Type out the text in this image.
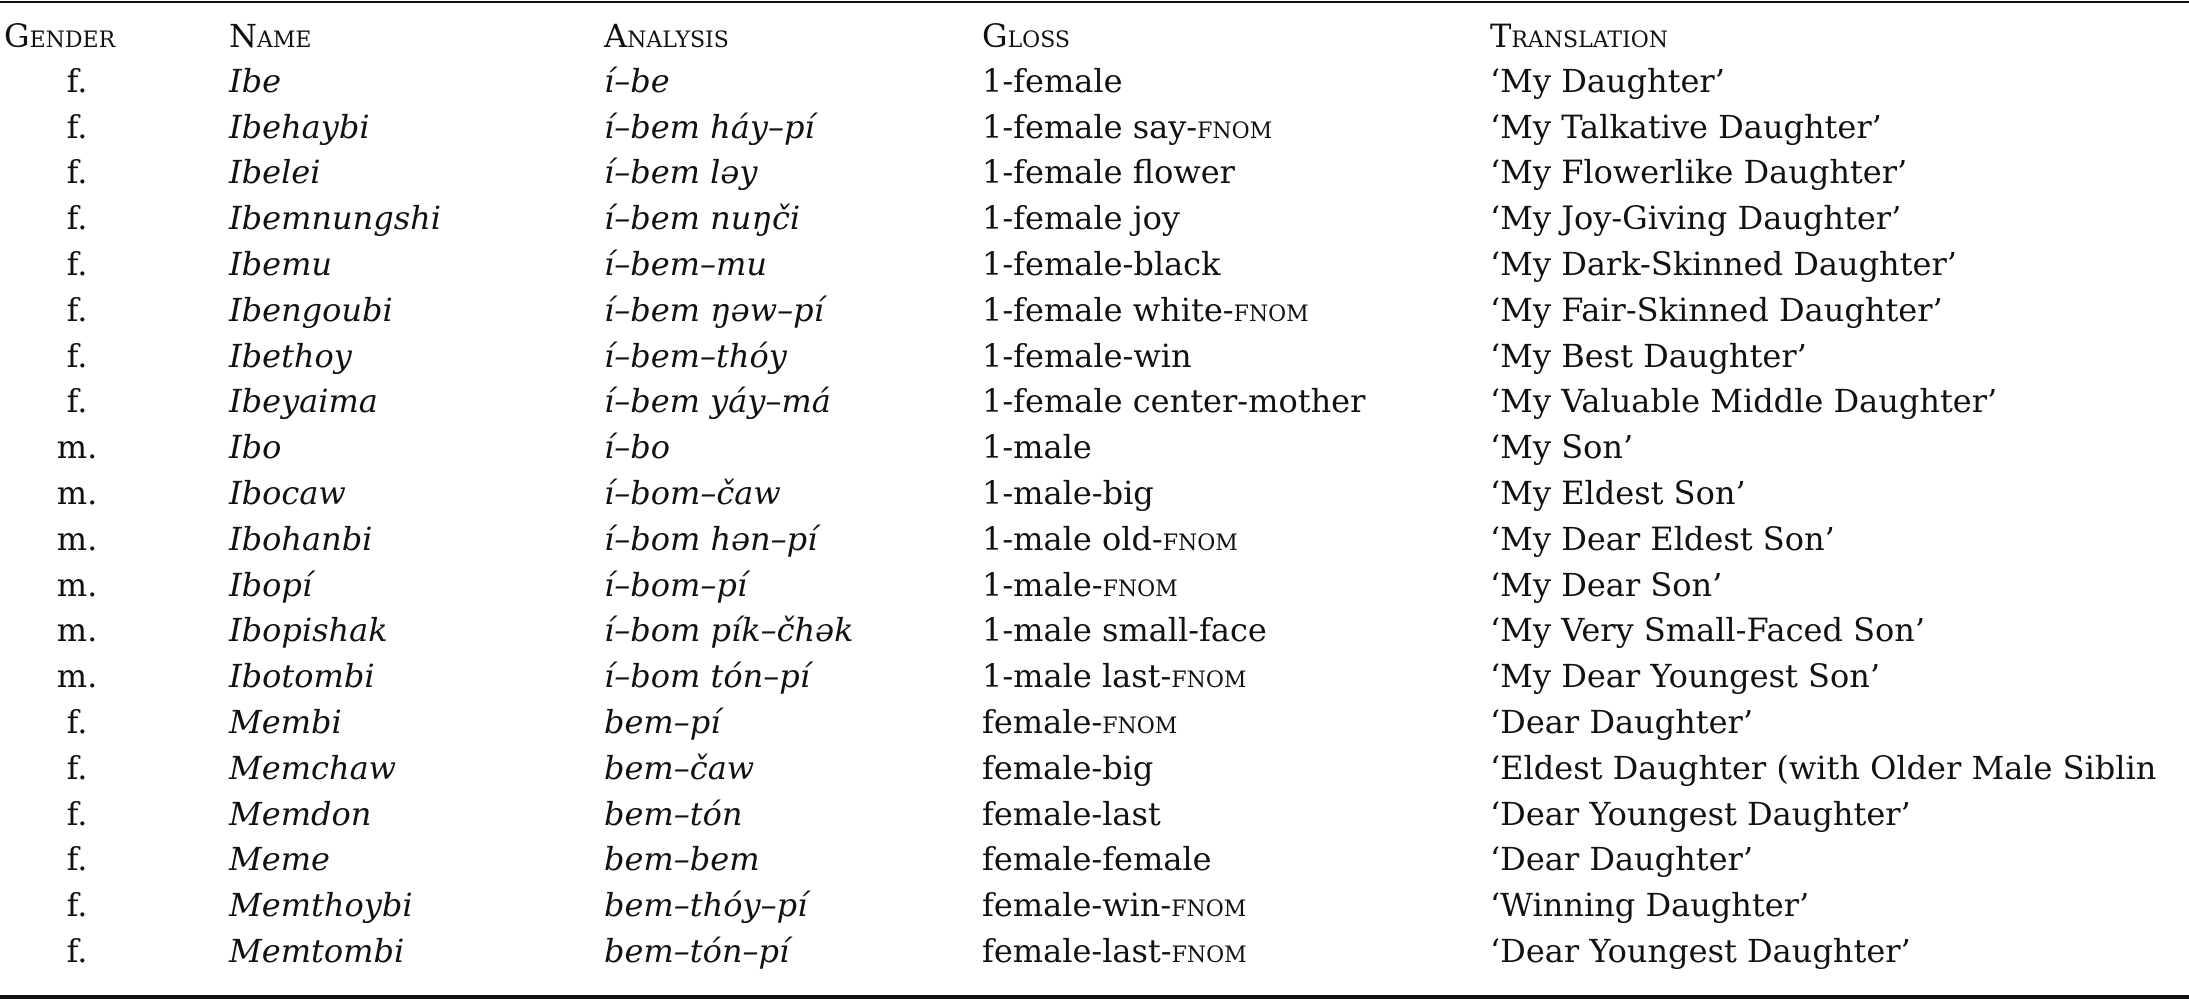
Gender	Name	Analysis	Gloss	Translation
f.	Ibe	í–be	1-female	‘My Daughter’
f.	Ibehaybi	í–bem háy–pí	1-female say-fnom	‘My Talkative Daughter’
f.	Ibelei	í–bem ləy	1-female flower	‘My Flowerlike Daughter’
f.	Ibemnungshi	í–bem nuŋči	1-female joy	‘My Joy-Giving Daughter’
f.	Ibemu	í–bem–mu	1-female-black	‘My Dark-Skinned Daughter’
f.	Ibengoubi	í–bem ŋəw–pí	1-female white-fnom	‘My Fair-Skinned Daughter’
f.	Ibethoy	í–bem–thóy	1-female-win	‘My Best Daughter’
f.	Ibeyaima	í–bem yáy–má	1-female center-mother	‘My Valuable Middle Daughter’
m.	Ibo	í–bo	1-male	‘My Son’
m.	Ibocaw	í–bom–čaw	1-male-big	‘My Eldest Son’
m.	Ibohanbi	í–bom hən–pí	1-male old-fnom	‘My Dear Eldest Son’
m.	Ibopí	í–bom–pí	1-male-fnom	‘My Dear Son’
m.	Ibopishak	í–bom pík–čhək	1-male small-face	‘My Very Small-Faced Son’
m.	Ibotombi	í–bom tón–pí	1-male last-fnom	‘My Dear Youngest Son’
f.	Membi	bem–pí	female-fnom	‘Dear Daughter’
f.	Memchaw	bem–čaw	female-big	‘Eldest Daughter (with Older Male Siblin
f.	Memdon	bem–tón	female-last	‘Dear Youngest Daughter’
f.	Meme	bem–bem	female-female	‘Dear Daughter’
f.	Memthoybi	bem–thóy–pí	female-win-fnom	‘Winning Daughter’
f.	Memtombi	bem–tón–pí	female-last-fnom	‘Dear Youngest Daughter’
